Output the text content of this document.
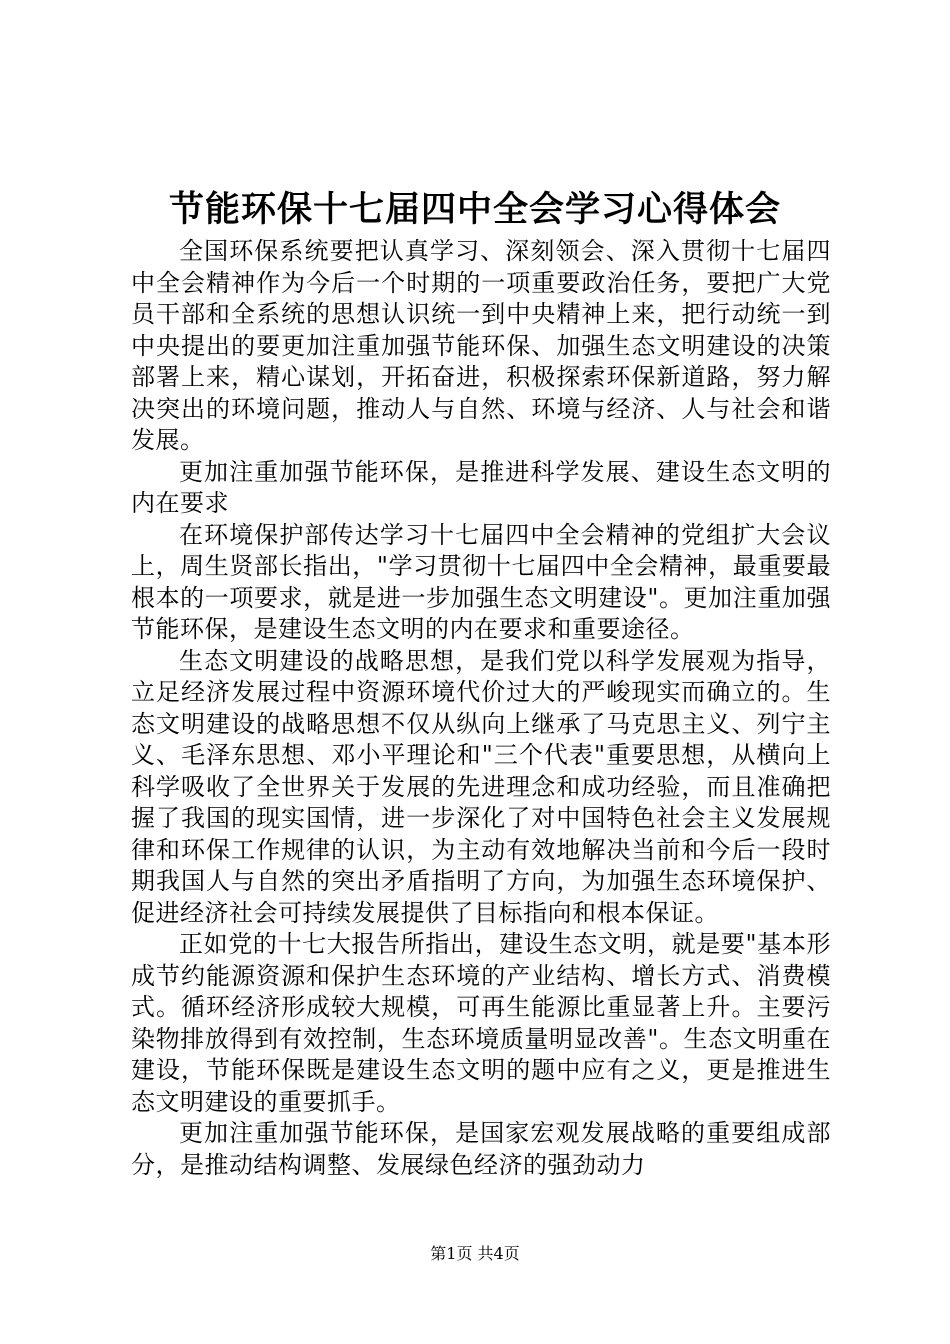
节能环保十七届四中全会学习心得体会

全国环保系统要把认真学习、深刻领会、深入贯彻十七届四中全会精神作为今后一个时期的一项重要政治任务，要把广大党员干部和全系统的思想认识统一到中央精神上来，把行动统一到中央提出的要更加注重加强节能环保、加强生态文明建设的决策部署上来，精心谋划，开拓奋进，积极探索环保新道路，努力解决突出的环境问题，推动人与自然、环境与经济、人与社会和谐发展。

更加注重加强节能环保，是推进科学发展、建设生态文明的内在要求

在环境保护部传达学习十七届四中全会精神的党组扩大会议上，周生贤部长指出，"学习贯彻十七届四中全会精神，最重要最根本的一项要求，就是进一步加强生态文明建设"。更加注重加强节能环保，是建设生态文明的内在要求和重要途径。

生态文明建设的战略思想，是我们党以科学发展观为指导，立足经济发展过程中资源环境代价过大的严峻现实而确立的。生态文明建设的战略思想不仅从纵向上继承了马克思主义、列宁主义、毛泽东思想、邓小平理论和"三个代表"重要思想，从横向上科学吸收了全世界关于发展的先进理念和成功经验，而且准确把握了我国的现实国情，进一步深化了对中国特色社会主义发展规律和环保工作规律的认识，为主动有效地解决当前和今后一段时期我国人与自然的突出矛盾指明了方向，为加强生态环境保护、促进经济社会可持续发展提供了目标指向和根本保证。

正如党的十七大报告所指出，建设生态文明，就是要"基本形成节约能源资源和保护生态环境的产业结构、增长方式、消费模式。循环经济形成较大规模，可再生能源比重显著上升。主要污染物排放得到有效控制，生态环境质量明显改善"。生态文明重在建设，节能环保既是建设生态文明的题中应有之义，更是推进生态文明建设的重要抓手。

更加注重加强节能环保，是国家宏观发展战略的重要组成部分，是推动结构调整、发展绿色经济的强劲动力

第1页 共4页
